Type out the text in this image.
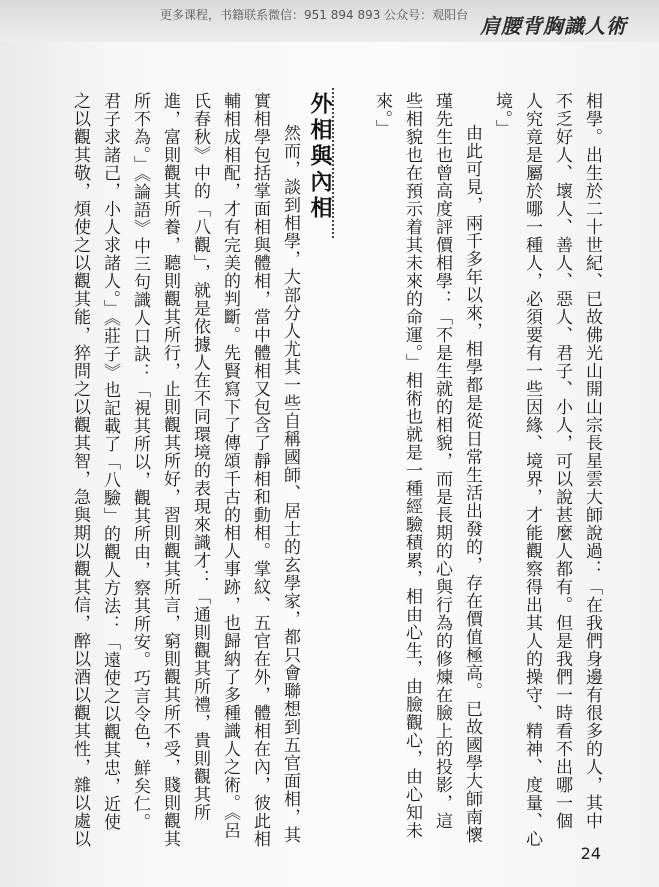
更多课程，书籍联系微信：951 894 893 公众号：观阳台 肩腰背胸識人術
相學。出生於二十世紀、已故佛光山開山宗長星雲大師說過：「在我們身邊有很多的人，其中
不乏好人、壞人、善人、惡人、君子、小人，可以說甚麼人都有。但是我們一時看不出哪一個
人究竟是屬於哪一種人，必須要有一些因緣、境界，才能觀察得出其人的操守、精神、度量、心
境。」
由此可見，兩千多年以來，相學都是從日常生活出發的，存在價值極高。已故國學大師南懷
瑾先生也曾高度評價相學：「不是生就的相貌，而是長期的心與行為的修煉在臉上的投影，這
些相貌也在預示着其未來的命運。」相術也就是一種經驗積累，相由心生，由臉觀心，由心知未
來。」
外相與內相
然而，談到相學，大部分人尤其一些自稱國師、居士的玄學家，都只會聯想到五官面相，其
實相學包括掌面相與體相，當中體相又包含了靜相和動相。掌紋、五官在外，體相在內，彼此相
輔相成相配，才有完美的判斷。先賢寫下了傳頌千古的相人事跡，也歸納了多種識人之術。《呂
氏春秋》中的「八觀」，就是依據人在不同環境的表現來識才：「通則觀其所禮，貴則觀其所
進，富則觀其所養，聽則觀其所行，止則觀其所好，習則觀其所言，窮則觀其所不受，賤則觀其
所不為。」《論語》中三句識人口訣：「視其所以，觀其所由，察其所安。巧言令色，鮮矣仁。
君子求諸己，小人求諸人。」《莊子》也記載了「八驗」的觀人方法：「遠使之以觀其忠，近使
之以觀其敬，煩使之以觀其能，猝問之以觀其智，急與期以觀其信，醉以酒以觀其性，雜以處以
24
